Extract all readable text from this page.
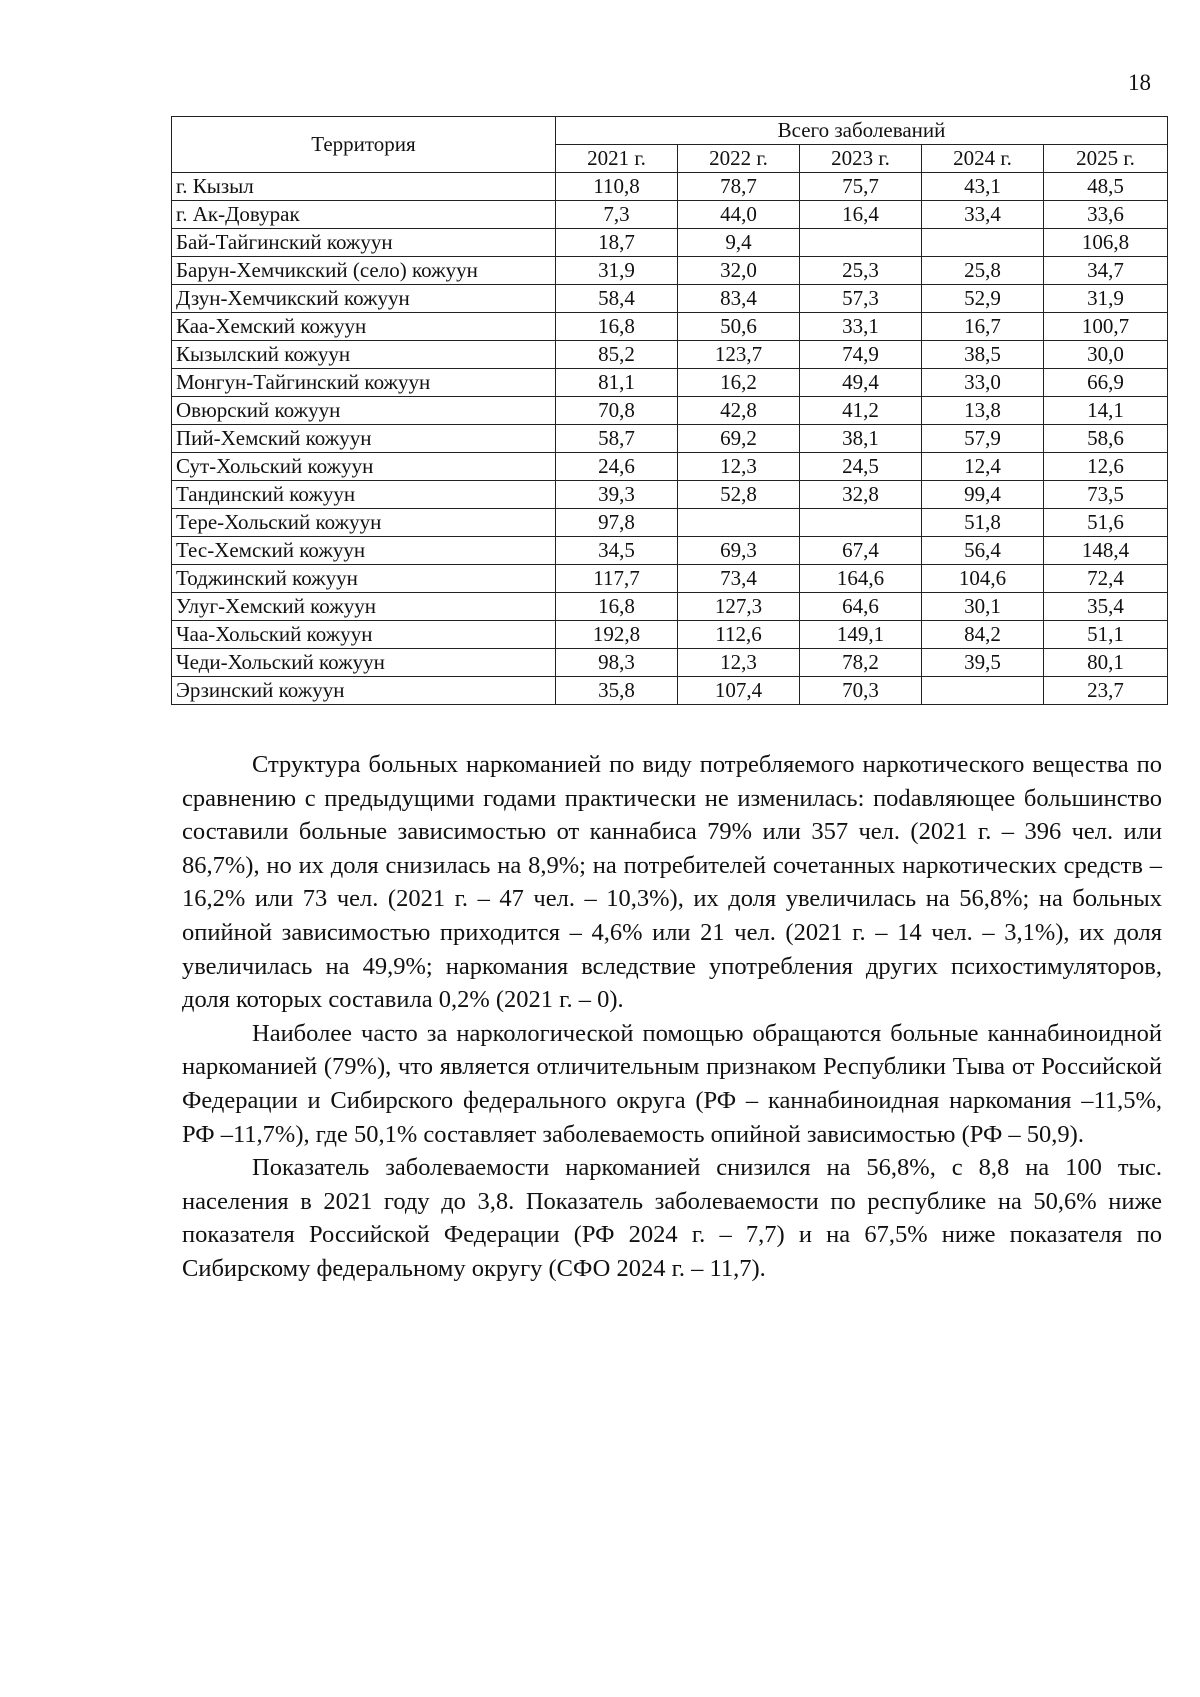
18
Территория	Всего заболеваний				
	2021 г.	2022 г.	2023 г.	2024 г.	2025 г.
г. Кызыл	110,8	78,7	75,7	43,1	48,5
г. Ак-Довурак	7,3	44,0	16,4	33,4	33,6
Бай-Тайгинский кожуун	18,7	9,4			106,8
Барун-Хемчикский (село) кожуун	31,9	32,0	25,3	25,8	34,7
Дзун-Хемчикский кожуун	58,4	83,4	57,3	52,9	31,9
Каа-Хемский кожуун	16,8	50,6	33,1	16,7	100,7
Кызылский кожуун	85,2	123,7	74,9	38,5	30,0
Монгун-Тайгинский кожуун	81,1	16,2	49,4	33,0	66,9
Овюрский кожуун	70,8	42,8	41,2	13,8	14,1
Пий-Хемский кожуун	58,7	69,2	38,1	57,9	58,6
Сут-Хольский кожуун	24,6	12,3	24,5	12,4	12,6
Тандинский кожуун	39,3	52,8	32,8	99,4	73,5
Тере-Хольский кожуун	97,8			51,8	51,6
Тес-Хемский кожуун	34,5	69,3	67,4	56,4	148,4
Тоджинский кожуун	117,7	73,4	164,6	104,6	72,4
Улуг-Хемский кожуун	16,8	127,3	64,6	30,1	35,4
Чаа-Хольский кожуун	192,8	112,6	149,1	84,2	51,1
Чеди-Хольский кожуун	98,3	12,3	78,2	39,5	80,1
Эрзинский кожуун	35,8	107,4	70,3		23,7

Структура больных наркоманией по виду потребляемого наркотического вещества по сравнению с предыдущими годами практически не изменилась: поdавляющее большинство составили больные зависимостью от каннабиса 79% или 357 чел. (2021 г. – 396 чел. или 86,7%), но их доля снизилась на 8,9%; на потребителей сочетанных наркотических средств – 16,2% или 73 чел. (2021 г. – 47 чел. – 10,3%), их доля увеличилась на 56,8%; на больных опийной зависимостью приходится – 4,6% или 21 чел. (2021 г. – 14 чел. – 3,1%), их доля увеличилась на 49,9%; наркомания вследствие употребления других психостимуляторов, доля которых составила 0,2% (2021 г. – 0).

Наиболее часто за наркологической помощью обращаются больные каннабиноидной наркоманией (79%), что является отличительным признаком Республики Тыва от Российской Федерации и Сибирского федерального округа (РФ – каннабиноидная наркомания –11,5%, РФ –11,7%), где 50,1% составляет заболеваемость опийной зависимостью (РФ – 50,9).

Показатель заболеваемости наркоманией снизился на 56,8%, с 8,8 на 100 тыс. населения в 2021 году до 3,8. Показатель заболеваемости по республике на 50,6% ниже показателя Российской Федерации (РФ 2024 г. – 7,7) и на 67,5% ниже показателя по Сибирскому федеральному округу (СФО 2024 г. – 11,7).
